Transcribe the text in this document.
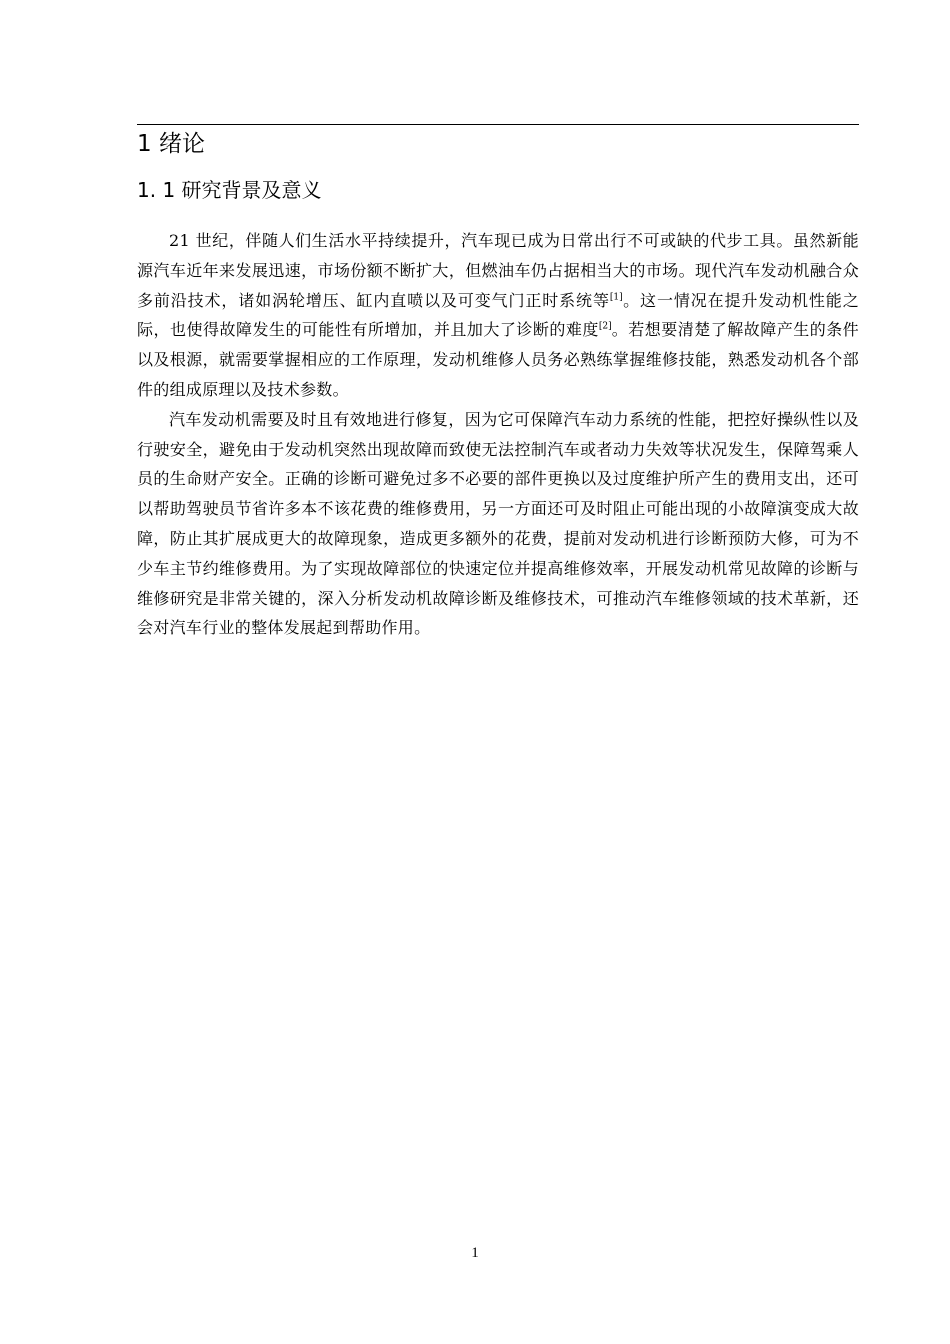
1 绪论
1. 1 研究背景及意义

21 世纪，伴随人们生活水平持续提升，汽车现已成为日常出行不可或缺的代步工具。虽然新能源汽车近年来发展迅速，市场份额不断扩大，但燃油车仍占据相当大的市场。现代汽车发动机融合众多前沿技术，诸如涡轮增压、缸内直喷以及可变气门正时系统等[1]。这一情况在提升发动机性能之际，也使得故障发生的可能性有所增加，并且加大了诊断的难度[2]。若想要清楚了解故障产生的条件以及根源，就需要掌握相应的工作原理，发动机维修人员务必熟练掌握维修技能，熟悉发动机各个部件的组成原理以及技术参数。

汽车发动机需要及时且有效地进行修复，因为它可保障汽车动力系统的性能，把控好操纵性以及行驶安全，避免由于发动机突然出现故障而致使无法控制汽车或者动力失效等状况发生，保障驾乘人员的生命财产安全。正确的诊断可避免过多不必要的部件更换以及过度维护所产生的费用支出，还可以帮助驾驶员节省许多本不该花费的维修费用，另一方面还可及时阻止可能出现的小故障演变成大故障，防止其扩展成更大的故障现象，造成更多额外的花费，提前对发动机进行诊断预防大修，可为不少车主节约维修费用。为了实现故障部位的快速定位并提高维修效率，开展发动机常见故障的诊断与维修研究是非常关键的，深入分析发动机故障诊断及维修技术，可推动汽车维修领域的技术革新，还会对汽车行业的整体发展起到帮助作用。

1
